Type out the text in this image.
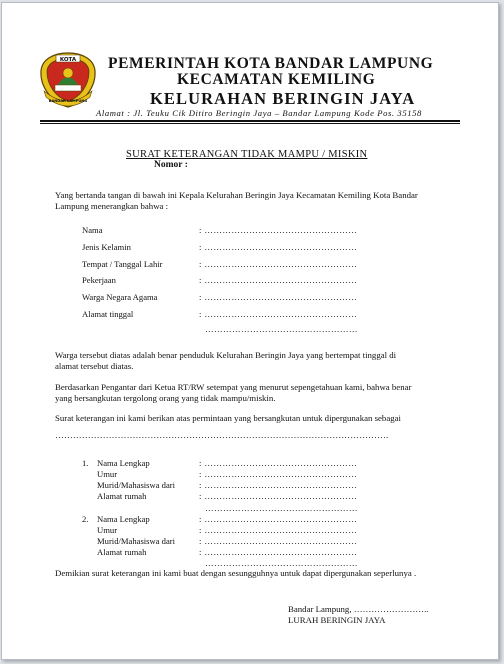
KOTA
BANDAR LAMPUNG
PEMERINTAH KOTA BANDAR LAMPUNG
KECAMATAN KEMILING
KELURAHAN BERINGIN JAYA
Alamat : Jl. Teuku Cik Ditiro Beringin Jaya – Bandar Lampung Kode Pos. 35158
SURAT KETERANGAN TIDAK MAMPU / MISKIN
Nomor :
Yang bertanda tangan di bawah ini Kepala Kelurahan Beringin Jaya Kecamatan Kemiling Kota Bandar
Lampung menerangkan bahwa :
Nama	: ……………………………………………
Jenis Kelamin	: ……………………………………………
Tempat / Tanggal Lahir	: ……………………………………………
Pekerjaan	: ……………………………………………
Warga Negara Agama	: ……………………………………………
Alamat tinggal	: ……………………………………………
……………………………………………
Warga tersebut diatas adalah benar penduduk Kelurahan Beringin Jaya yang bertempat tinggal di
alamat tersebut diatas.
Berdasarkan Pengantar dari Ketua RT/RW setempat yang menurut sepengetahuan kami, bahwa benar
yang bersangkutan tergolong orang yang tidak mampu/miskin.
Surat keterangan ini kami berikan atas permintaan yang bersangkutan untuk dipergunakan sebagai
………………………………………………………………………………………………….
1. Nama Lengkap	: ……………………………………………
Umur	: ……………………………………………
Murid/Mahasiswa dari	: ……………………………………………
Alamat rumah	: ……………………………………………
……………………………………………
2. Nama Lengkap	: ……………………………………………
Umur	: ……………………………………………
Murid/Mahasiswa dari	: ……………………………………………
Alamat rumah	: ……………………………………………
……………………………………………
Demikian surat keterangan ini kami buat dengan sesungguhnya untuk dapat dipergunakan seperlunya .
Bandar Lampung, ……………………..
LURAH BERINGIN JAYA
